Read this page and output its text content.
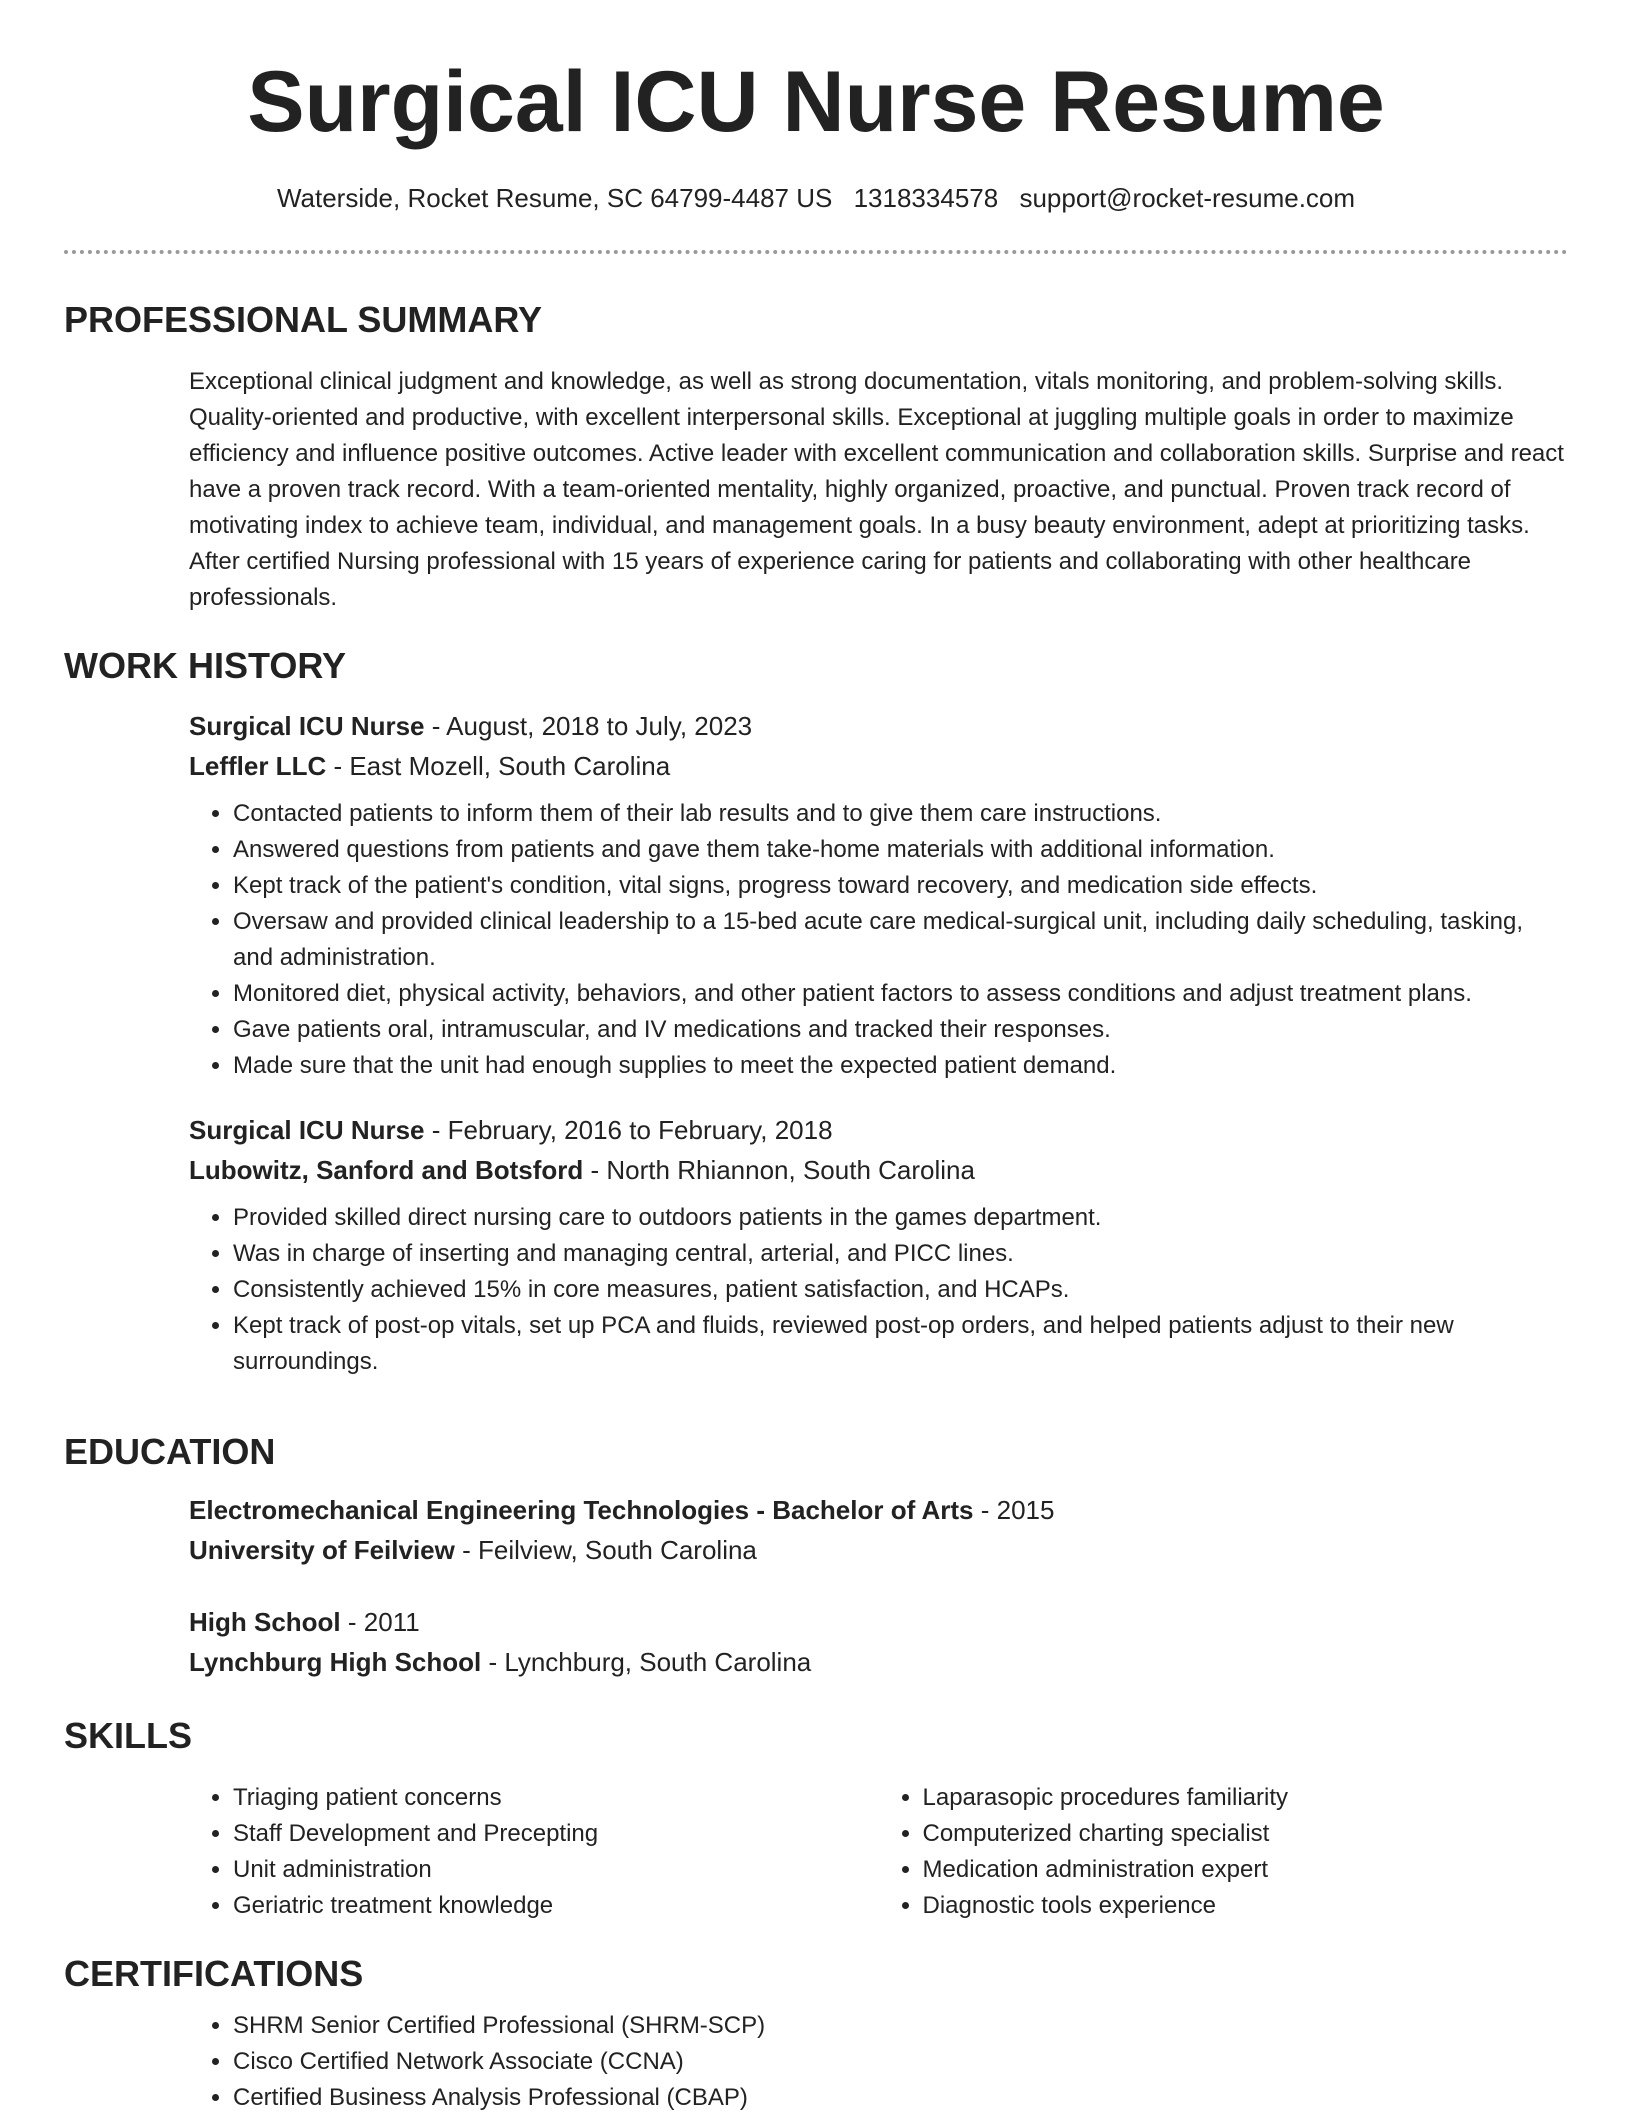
Surgical ICU Nurse Resume
Waterside, Rocket Resume, SC 64799-4487 US 1318334578 support@rocket-resume.com
PROFESSIONAL SUMMARY

Exceptional clinical judgment and knowledge, as well as strong documentation, vitals monitoring, and problem-solving skills. Quality-oriented and productive, with excellent interpersonal skills. Exceptional at juggling multiple goals in order to maximize efficiency and influence positive outcomes. Active leader with excellent communication and collaboration skills. Surprise and react have a proven track record. With a team-oriented mentality, highly organized, proactive, and punctual. Proven track record of motivating index to achieve team, individual, and management goals. In a busy beauty environment, adept at prioritizing tasks. After certified Nursing professional with 15 years of experience caring for patients and collaborating with other healthcare professionals.

WORK HISTORY
Surgical ICU Nurse - August, 2018 to July, 2023
Leffler LLC - East Mozell, South Carolina
• Contacted patients to inform them of their lab results and to give them care instructions.
• Answered questions from patients and gave them take-home materials with additional information.
• Kept track of the patient's condition, vital signs, progress toward recovery, and medication side effects.
• Oversaw and provided clinical leadership to a 15-bed acute care medical-surgical unit, including daily scheduling, tasking, and administration.
• Monitored diet, physical activity, behaviors, and other patient factors to assess conditions and adjust treatment plans.
• Gave patients oral, intramuscular, and IV medications and tracked their responses.
• Made sure that the unit had enough supplies to meet the expected patient demand.
Surgical ICU Nurse - February, 2016 to February, 2018
Lubowitz, Sanford and Botsford - North Rhiannon, South Carolina
• Provided skilled direct nursing care to outdoors patients in the games department.
• Was in charge of inserting and managing central, arterial, and PICC lines.
• Consistently achieved 15% in core measures, patient satisfaction, and HCAPs.
• Kept track of post-op vitals, set up PCA and fluids, reviewed post-op orders, and helped patients adjust to their new surroundings.
EDUCATION
Electromechanical Engineering Technologies - Bachelor of Arts - 2015
University of Feilview - Feilview, South Carolina
High School - 2011
Lynchburg High School - Lynchburg, South Carolina
SKILLS
• Triaging patient concerns
• Staff Development and Precepting
• Unit administration
• Geriatric treatment knowledge
• Laparasopic procedures familiarity
• Computerized charting specialist
• Medication administration expert
• Diagnostic tools experience
CERTIFICATIONS
• SHRM Senior Certified Professional (SHRM-SCP)
• Cisco Certified Network Associate (CCNA)
• Certified Business Analysis Professional (CBAP)
